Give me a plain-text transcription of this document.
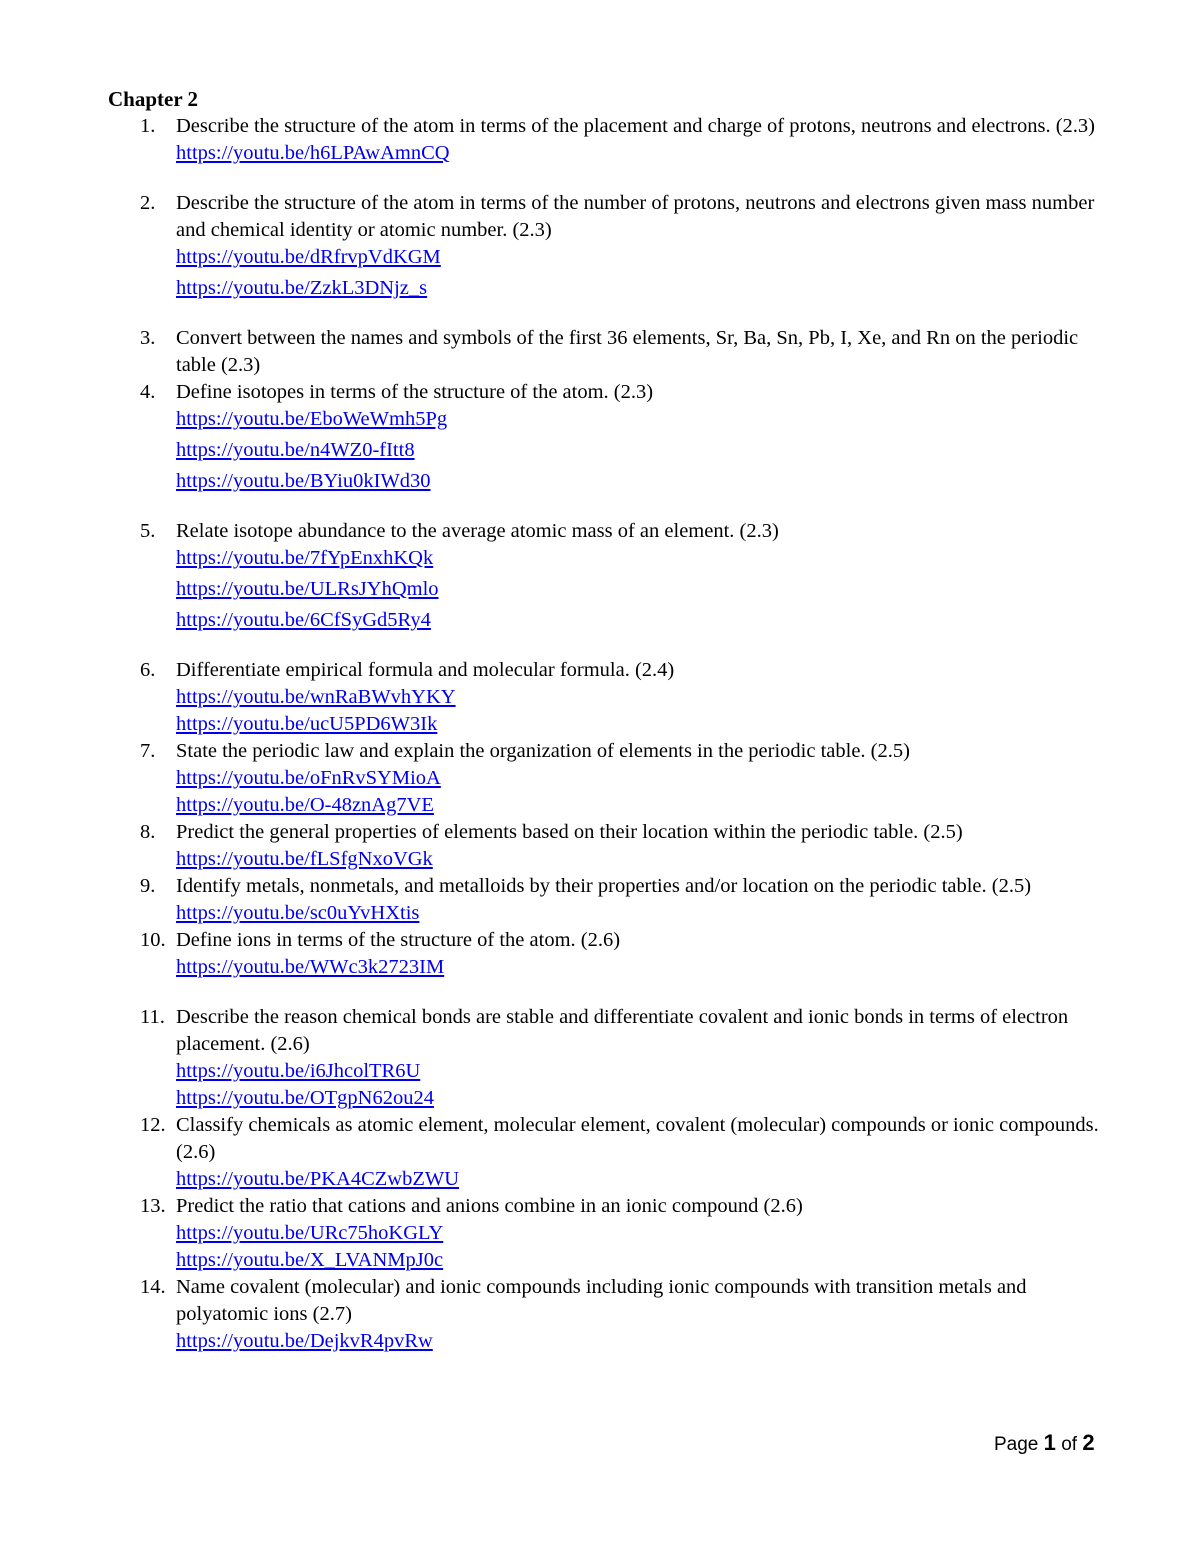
Chapter 2
1. Describe the structure of the atom in terms of the placement and charge of protons, neutrons and electrons. (2.3)
https://youtu.be/h6LPAwAmnCQ
2. Describe the structure of the atom in terms of the number of protons, neutrons and electrons given mass number and chemical identity or atomic number. (2.3)
https://youtu.be/dRfrvpVdKGM
https://youtu.be/ZzkL3DNjz_s
3. Convert between the names and symbols of the first 36 elements, Sr, Ba, Sn, Pb, I, Xe, and Rn on the periodic table (2.3)
4. Define isotopes in terms of the structure of the atom. (2.3)
https://youtu.be/EboWeWmh5Pg
https://youtu.be/n4WZ0-fItt8
https://youtu.be/BYiu0kIWd30
5. Relate isotope abundance to the average atomic mass of an element. (2.3)
https://youtu.be/7fYpEnxhKQk
https://youtu.be/ULRsJYhQmlo
https://youtu.be/6CfSyGd5Ry4
6. Differentiate empirical formula and molecular formula. (2.4)
https://youtu.be/wnRaBWvhYKY
https://youtu.be/ucU5PD6W3Ik
7. State the periodic law and explain the organization of elements in the periodic table. (2.5)
https://youtu.be/oFnRvSYMioA
https://youtu.be/O-48znAg7VE
8. Predict the general properties of elements based on their location within the periodic table. (2.5)
https://youtu.be/fLSfgNxoVGk
9. Identify metals, nonmetals, and metalloids by their properties and/or location on the periodic table. (2.5)
https://youtu.be/sc0uYvHXtis
10. Define ions in terms of the structure of the atom. (2.6)
https://youtu.be/WWc3k2723IM
11. Describe the reason chemical bonds are stable and differentiate covalent and ionic bonds in terms of electron placement. (2.6)
https://youtu.be/i6JhcolTR6U
https://youtu.be/OTgpN62ou24
12. Classify chemicals as atomic element, molecular element, covalent (molecular) compounds or ionic compounds. (2.6)
https://youtu.be/PKA4CZwbZWU
13. Predict the ratio that cations and anions combine in an ionic compound (2.6)
https://youtu.be/URc75hoKGLY
https://youtu.be/X_LVANMpJ0c
14. Name covalent (molecular) and ionic compounds including ionic compounds with transition metals and polyatomic ions (2.7)
https://youtu.be/DejkvR4pvRw
Page 1 of 2
